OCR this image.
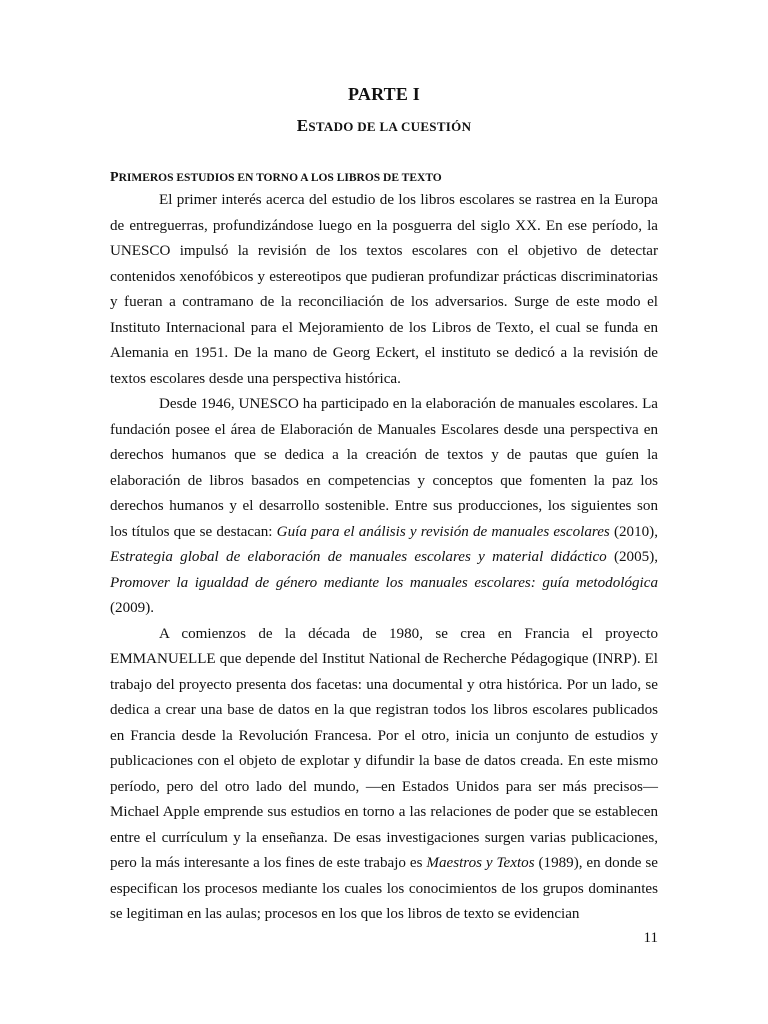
PARTE I
ESTADO DE LA CUESTIÓN
PRIMEROS ESTUDIOS EN TORNO A LOS LIBROS DE TEXTO

El primer interés acerca del estudio de los libros escolares se rastrea en la Europa de entreguerras, profundizándose luego en la posguerra del siglo XX. En ese período, la UNESCO impulsó la revisión de los textos escolares con el objetivo de detectar contenidos xenofóbicos y estereotipos que pudieran profundizar prácticas discriminatorias y fueran a contramano de la reconciliación de los adversarios. Surge de este modo el Instituto Internacional para el Mejoramiento de los Libros de Texto, el cual se funda en Alemania en 1951. De la mano de Georg Eckert, el instituto se dedicó a la revisión de textos escolares desde una perspectiva histórica.

Desde 1946, UNESCO ha participado en la elaboración de manuales escolares. La fundación posee el área de Elaboración de Manuales Escolares desde una perspectiva en derechos humanos que se dedica a la creación de textos y de pautas que guíen la elaboración de libros basados en competencias y conceptos que fomenten la paz los derechos humanos y el desarrollo sostenible. Entre sus producciones, los siguientes son los títulos que se destacan: Guía para el análisis y revisión de manuales escolares (2010), Estrategia global de elaboración de manuales escolares y material didáctico (2005), Promover la igualdad de género mediante los manuales escolares: guía metodológica (2009).

A comienzos de la década de 1980, se crea en Francia el proyecto EMMANUELLE que depende del Institut National de Recherche Pédagogique (INRP). El trabajo del proyecto presenta dos facetas: una documental y otra histórica. Por un lado, se dedica a crear una base de datos en la que registran todos los libros escolares publicados en Francia desde la Revolución Francesa. Por el otro, inicia un conjunto de estudios y publicaciones con el objeto de explotar y difundir la base de datos creada. En este mismo período, pero del otro lado del mundo, —en Estados Unidos para ser más precisos— Michael Apple emprende sus estudios en torno a las relaciones de poder que se establecen entre el currículum y la enseñanza. De esas investigaciones surgen varias publicaciones, pero la más interesante a los fines de este trabajo es Maestros y Textos (1989), en donde se especifican los procesos mediante los cuales los conocimientos de los grupos dominantes se legitiman en las aulas; procesos en los que los libros de texto se evidencian

11
